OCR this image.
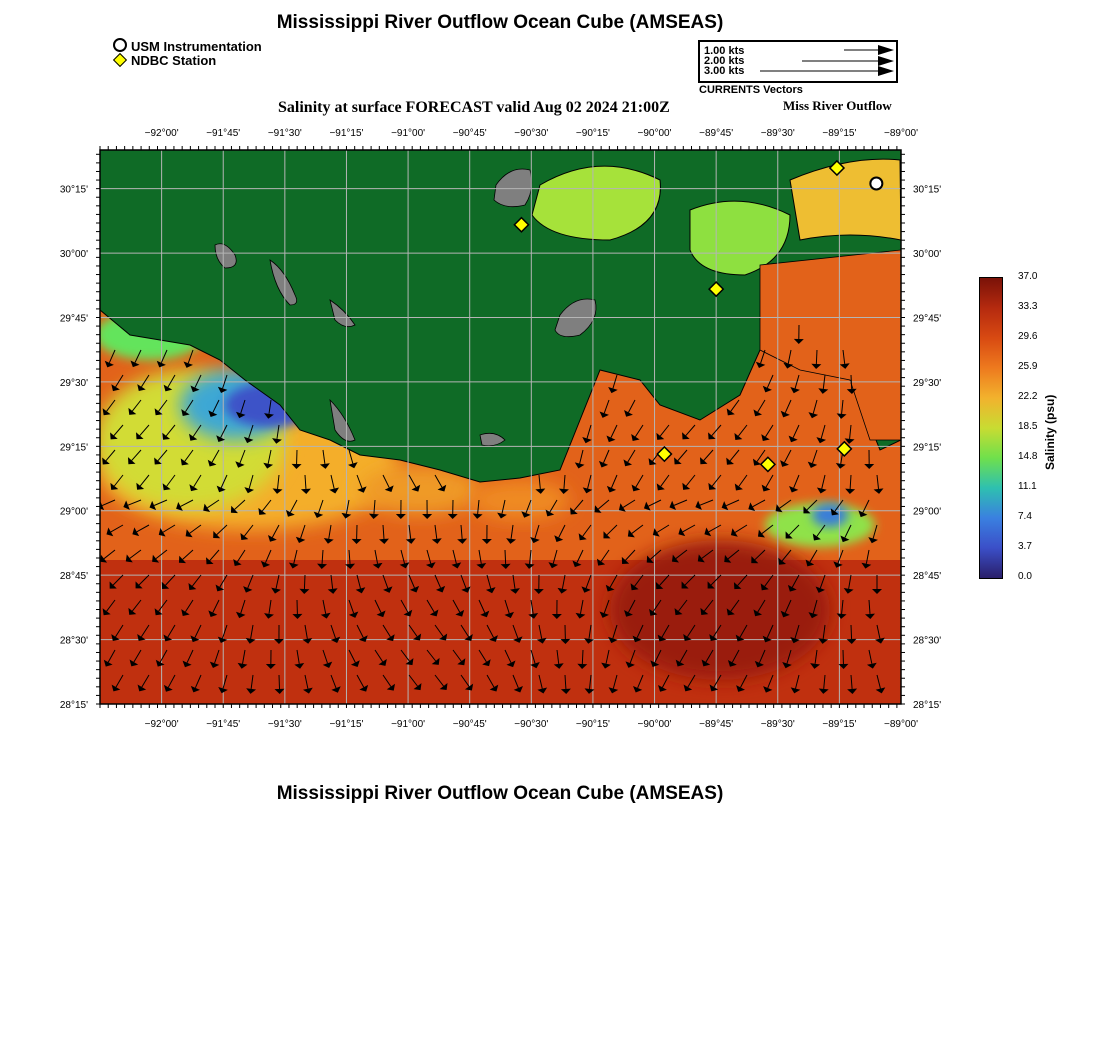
Mississippi River Outflow Ocean Cube (AMSEAS)
Mississippi River Outflow Ocean Cube (AMSEAS)
USM Instrumentation
NDBC Station
1.00 kts
2.00 kts
3.00 kts
CURRENTS Vectors
Salinity at surface FORECAST valid Aug 02 2024 21:00Z	Miss River Outflow
−92°00'
−92°00'
−91°45'
−91°45'
−91°30'
−91°30'
−91°15'
−91°15'
−91°00'
−91°00'
−90°45'
−90°45'
−90°30'
−90°30'
−90°15'
−90°15'
−90°00'
−90°00'
−89°45'
−89°45'
−89°30'
−89°30'
−89°15'
−89°15'
−89°00'
−89°00'
30°15'	30°15'
30°00'	30°00'
29°45'	29°45'
29°30'	29°30'
29°15'	29°15'
29°00'	29°00'
28°45'	28°45'
28°30'	28°30'
28°15'	28°15'
37.0
33.3
29.6
25.9
22.2
18.5
14.8
11.1
7.4
3.7
0.0
Salinity (psu)
